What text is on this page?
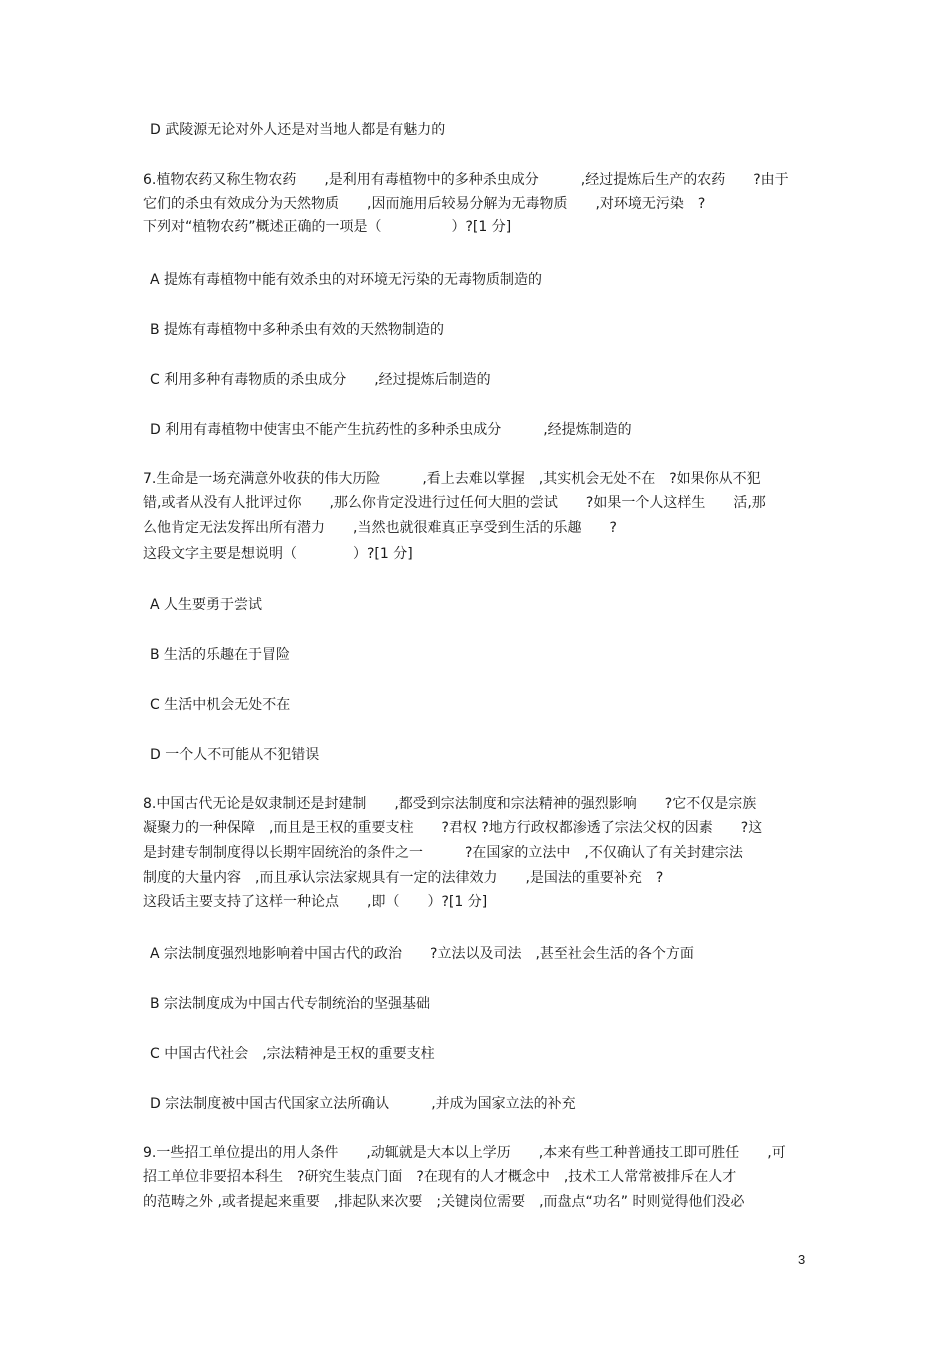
D 武陵源无论对外人还是对当地人都是有魅力的
6.植物农药又称生物农药　　,是利用有毒植物中的多种杀虫成分　　　,经过提炼后生产的农药　　?由于
它们的杀虫有效成分为天然物质　　,因而施用后较易分解为无毒物质　　,对环境无污染　?
下列对“植物农药”概述正确的一项是（　　　　　）?[1 分]
A 提炼有毒植物中能有效杀虫的对环境无污染的无毒物质制造的
B 提炼有毒植物中多种杀虫有效的天然物制造的
C 利用多种有毒物质的杀虫成分　　,经过提炼后制造的
D 利用有毒植物中使害虫不能产生抗药性的多种杀虫成分　　　,经提炼制造的
7.生命是一场充满意外收获的伟大历险　　　,看上去难以掌握　,其实机会无处不在　?如果你从不犯
错,或者从没有人批评过你　　,那么你肯定没进行过任何大胆的尝试　　?如果一个人这样生　　活,那
么他肯定无法发挥出所有潜力　　,当然也就很难真正享受到生活的乐趣　　?
这段文字主要是想说明（　　　　）?[1 分]
A 人生要勇于尝试
B 生活的乐趣在于冒险
C 生活中机会无处不在
D 一个人不可能从不犯错误
8.中国古代无论是奴隶制还是封建制　　,都受到宗法制度和宗法精神的强烈影响　　?它不仅是宗族
凝聚力的一种保障　,而且是王权的重要支柱　　?君权 ?地方行政权都渗透了宗法父权的因素　　?这
是封建专制制度得以长期牢固统治的条件之一　　　?在国家的立法中　,不仅确认了有关封建宗法
制度的大量内容　,而且承认宗法家规具有一定的法律效力　　,是国法的重要补充　?
这段话主要支持了这样一种论点　　,即（　　）?[1 分]
A 宗法制度强烈地影响着中国古代的政治　　?立法以及司法　,甚至社会生活的各个方面
B 宗法制度成为中国古代专制统治的坚强基础
C 中国古代社会　,宗法精神是王权的重要支柱
D 宗法制度被中国古代国家立法所确认　　　,并成为国家立法的补充
9.一些招工单位提出的用人条件　　,动辄就是大本以上学历　　,本来有些工种普通技工即可胜任　　,可
招工单位非要招本科生　?研究生装点门面　?在现有的人才概念中　,技术工人常常被排斥在人才
的范畴之外 ,或者提起来重要　,排起队来次要　;关键岗位需要　,而盘点“功名” 时则觉得他们没必
3
